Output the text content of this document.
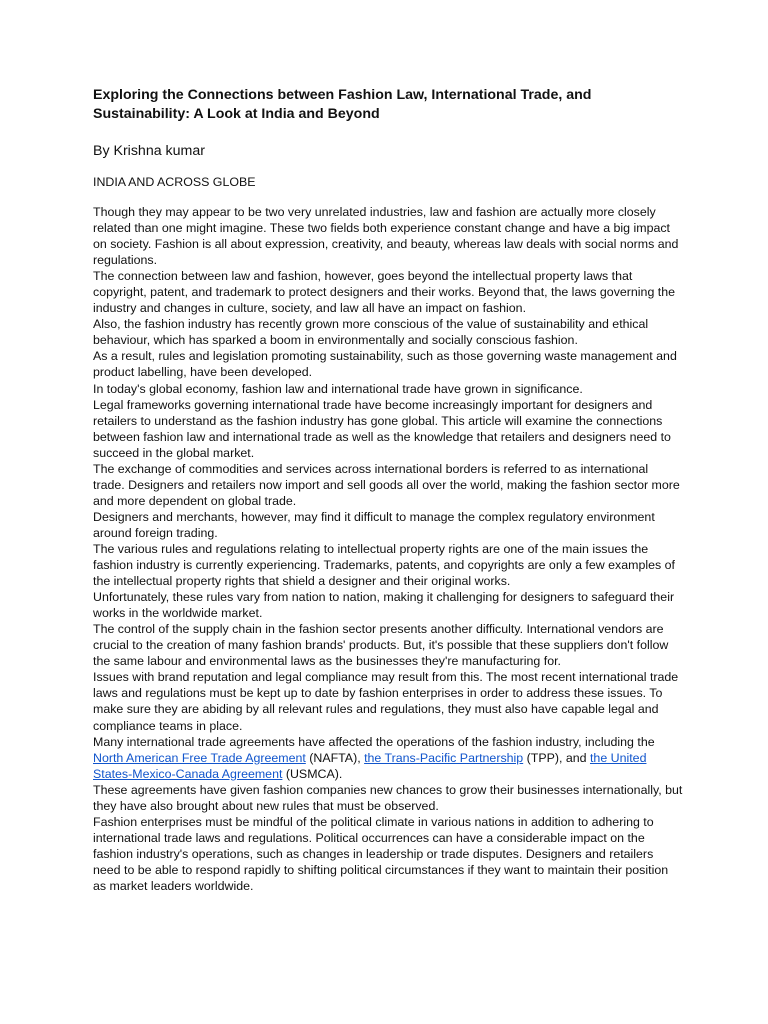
Exploring the Connections between Fashion Law, International Trade, and Sustainability: A Look at India and Beyond
By Krishna kumar
INDIA AND ACROSS GLOBE

Though they may appear to be two very unrelated industries, law and fashion are actually more closely related than one might imagine. These two fields both experience constant change and have a big impact on society. Fashion is all about expression, creativity, and beauty, whereas law deals with social norms and regulations.

The connection between law and fashion, however, goes beyond the intellectual property laws that copyright, patent, and trademark to protect designers and their works. Beyond that, the laws governing the industry and changes in culture, society, and law all have an impact on fashion.

Also, the fashion industry has recently grown more conscious of the value of sustainability and ethical behaviour, which has sparked a boom in environmentally and socially conscious fashion.

As a result, rules and legislation promoting sustainability, such as those governing waste management and product labelling, have been developed.

In today's global economy, fashion law and international trade have grown in significance.

Legal frameworks governing international trade have become increasingly important for designers and retailers to understand as the fashion industry has gone global. This article will examine the connections between fashion law and international trade as well as the knowledge that retailers and designers need to succeed in the global market.

The exchange of commodities and services across international borders is referred to as international trade. Designers and retailers now import and sell goods all over the world, making the fashion sector more and more dependent on global trade.

Designers and merchants, however, may find it difficult to manage the complex regulatory environment around foreign trading.

The various rules and regulations relating to intellectual property rights are one of the main issues the fashion industry is currently experiencing. Trademarks, patents, and copyrights are only a few examples of the intellectual property rights that shield a designer and their original works.

Unfortunately, these rules vary from nation to nation, making it challenging for designers to safeguard their works in the worldwide market.

The control of the supply chain in the fashion sector presents another difficulty. International vendors are crucial to the creation of many fashion brands' products. But, it's possible that these suppliers don't follow the same labour and environmental laws as the businesses they're manufacturing for.

Issues with brand reputation and legal compliance may result from this. The most recent international trade laws and regulations must be kept up to date by fashion enterprises in order to address these issues. To make sure they are abiding by all relevant rules and regulations, they must also have capable legal and compliance teams in place.

Many international trade agreements have affected the operations of the fashion industry, including the North American Free Trade Agreement (NAFTA), the Trans-Pacific Partnership (TPP), and the United States-Mexico-Canada Agreement (USMCA).

These agreements have given fashion companies new chances to grow their businesses internationally, but they have also brought about new rules that must be observed.

Fashion enterprises must be mindful of the political climate in various nations in addition to adhering to international trade laws and regulations. Political occurrences can have a considerable impact on the fashion industry's operations, such as changes in leadership or trade disputes. Designers and retailers need to be able to respond rapidly to shifting political circumstances if they want to maintain their position as market leaders worldwide.
